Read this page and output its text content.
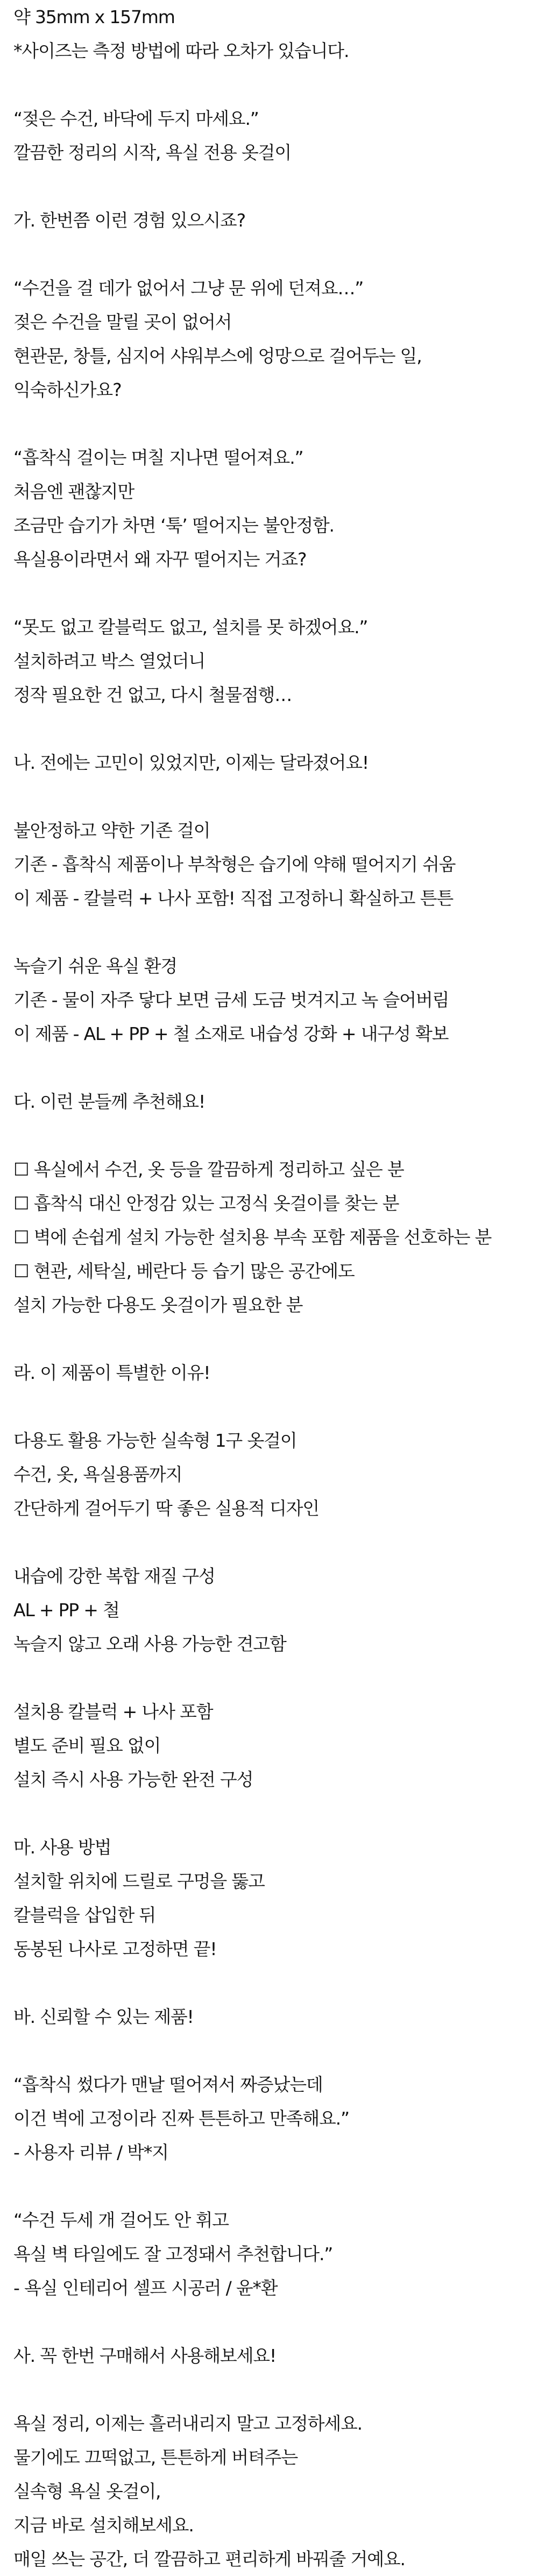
약 35mm x 157mm
*사이즈는 측정 방법에 따라 오차가 있습니다.
“젖은 수건, 바닥에 두지 마세요.”
깔끔한 정리의 시작, 욕실 전용 옷걸이
가. 한번쯤 이런 경험 있으시죠?
“수건을 걸 데가 없어서 그냥 문 위에 던져요…”
젖은 수건을 말릴 곳이 없어서
현관문, 창틀, 심지어 샤워부스에 엉망으로 걸어두는 일,
익숙하신가요?
“흡착식 걸이는 며칠 지나면 떨어져요.”
처음엔 괜찮지만
조금만 습기가 차면 ‘툭’ 떨어지는 불안정함.
욕실용이라면서 왜 자꾸 떨어지는 거죠?
“못도 없고 칼블럭도 없고, 설치를 못 하겠어요.”
설치하려고 박스 열었더니
정작 필요한 건 없고, 다시 철물점행…
나. 전에는 고민이 있었지만, 이제는 달라졌어요!
불안정하고 약한 기존 걸이
기존 - 흡착식 제품이나 부착형은 습기에 약해 떨어지기 쉬움
이 제품 - 칼블럭 + 나사 포함! 직접 고정하니 확실하고 튼튼
녹슬기 쉬운 욕실 환경
기존 - 물이 자주 닿다 보면 금세 도금 벗겨지고 녹 슬어버림
이 제품 - AL + PP + 철 소재로 내습성 강화 + 내구성 확보
다. 이런 분들께 추천해요!
☐ 욕실에서 수건, 옷 등을 깔끔하게 정리하고 싶은 분
☐ 흡착식 대신 안정감 있는 고정식 옷걸이를 찾는 분
☐ 벽에 손쉽게 설치 가능한 설치용 부속 포함 제품을 선호하는 분
☐ 현관, 세탁실, 베란다 등 습기 많은 공간에도
설치 가능한 다용도 옷걸이가 필요한 분
라. 이 제품이 특별한 이유!
다용도 활용 가능한 실속형 1구 옷걸이
수건, 옷, 욕실용품까지
간단하게 걸어두기 딱 좋은 실용적 디자인
내습에 강한 복합 재질 구성
AL + PP + 철
녹슬지 않고 오래 사용 가능한 견고함
설치용 칼블럭 + 나사 포함
별도 준비 필요 없이
설치 즉시 사용 가능한 완전 구성
마. 사용 방법
설치할 위치에 드릴로 구멍을 뚫고
칼블럭을 삽입한 뒤
동봉된 나사로 고정하면 끝!
바. 신뢰할 수 있는 제품!
“흡착식 썼다가 맨날 떨어져서 짜증났는데
이건 벽에 고정이라 진짜 튼튼하고 만족해요.”
- 사용자 리뷰 / 박*지
“수건 두세 개 걸어도 안 휘고
욕실 벽 타일에도 잘 고정돼서 추천합니다.”
- 욕실 인테리어 셀프 시공러 / 윤*환
사. 꼭 한번 구매해서 사용해보세요!
욕실 정리, 이제는 흘러내리지 말고 고정하세요.
물기에도 끄떡없고, 튼튼하게 버텨주는
실속형 욕실 옷걸이,
지금 바로 설치해보세요.
매일 쓰는 공간, 더 깔끔하고 편리하게 바꿔줄 거예요.
